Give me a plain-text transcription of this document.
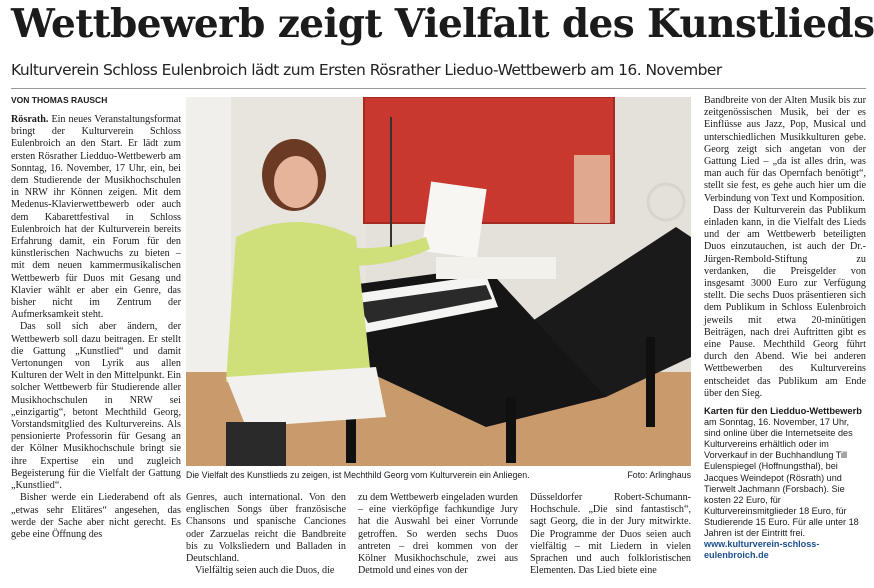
Wettbewerb zeigt Vielfalt des Kunstlieds
Kulturverein Schloss Eulenbroich lädt zum Ersten Rösrather Lieduo-Wettbewerb am 16. November
VON THOMAS RAUSCH

Rösrath. Ein neues Veranstaltungsformat bringt der Kulturverein Schloss Eulenbroich an den Start. Er lädt zum ersten Rösrather Liedduo-Wettbewerb am Sonntag, 16. November, 17 Uhr, ein, bei dem Studierende der Musikhochschulen in NRW ihr Können zeigen. Mit dem Medenus-Klavierwettbewerb oder auch dem Kabarettfestival in Schloss Eulenbroich hat der Kulturverein bereits Erfahrung damit, ein Forum für den künstlerischen Nachwuchs zu bieten – mit dem neuen kammermusikalischen Wettbewerb für Duos mit Gesang und Klavier wählt er aber ein Genre, das bisher nicht im Zentrum der Aufmerksamkeit steht.

Das soll sich aber ändern, der Wettbewerb soll dazu beitragen. Er stellt die Gattung „Kunstlied“ und damit Vertonungen von Lyrik aus allen Kulturen der Welt in den Mittelpunkt. Ein solcher Wettbewerb für Studierende aller Musikhochschulen in NRW sei „einzigartig“, betont Mechthild Georg, Vorstandsmitglied des Kulturvereins. Als pensionierte Professorin für Gesang an der Kölner Musikhochschule bringt sie ihre Expertise ein und zugleich Begeisterung für die Vielfalt der Gattung „Kunstlied“.

Bisher werde ein Liederabend oft als „etwas sehr Elitäres“ angesehen, das werde der Sache aber nicht gerecht. Es gebe eine Öffnung des

Die Vielfalt des Kunstlieds zu zeigen, ist Mechthild Georg vom Kulturverein ein Anliegen.	Foto: Arlinghaus

Genres, auch international. Von den englischen Songs über französische Chansons und spanische Canciones oder Zarzuelas reicht die Bandbreite bis zu Volksliedern und Balladen in Deutschland.

Vielfältig seien auch die Duos, die

zu dem Wettbewerb eingeladen wurden – eine vierköpfige fachkundige Jury hat die Auswahl bei einer Vorrunde getroffen. So werden sechs Duos antreten – drei kommen von der Kölner Musikhochschule, zwei aus Detmold und eines von der

Düsseldorfer Robert-Schumann-Hochschule. „Die sind fantastisch“, sagt Georg, die in der Jury mitwirkte. Die Programme der Duos seien auch vielfältig – mit Liedern in vielen Sprachen und auch folkloristischen Elementen. Das Lied biete eine

Bandbreite von der Alten Musik bis zur zeitgenössischen Musik, bei der es Einflüsse aus Jazz, Pop, Musical und unterschiedlichen Musikkulturen gebe. Georg zeigt sich angetan von der Gattung Lied – „da ist alles drin, was man auch für das Opernfach benötigt“, stellt sie fest, es gehe auch hier um die Verbindung von Text und Komposition.

Dass der Kulturverein das Publikum einladen kann, in die Vielfalt des Lieds und der am Wettbewerb beteiligten Duos einzutauchen, ist auch der Dr.-Jürgen-Rembold-Stiftung zu verdanken, die Preisgelder von insgesamt 3000 Euro zur Verfügung stellt. Die sechs Duos präsentieren sich dem Publikum in Schloss Eulenbroich jeweils mit etwa 20-minütigen Beiträgen, nach drei Auftritten gibt es eine Pause. Mechthild Georg führt durch den Abend. Wie bei anderen Wettbewerben des Kulturvereins entscheidet das Publikum am Ende über den Sieg.

Karten für den Liedduo-Wettbewerb

am Sonntag, 16. November, 17 Uhr, sind online über die Internetseite des Kulturvereins erhältlich oder im Vorverkauf in der Buchhandlung Till Eulenspiegel (Hoffnungsthal), bei Jacques Weindepot (Rösrath) und Tierwelt Jachmann (Forsbach). Sie kosten 22 Euro, für Kulturvereinsmitglieder 18 Euro, für Studierende 15 Euro. Für alle unter 18 Jahren ist der Eintritt frei.

www.kulturverein-schloss-eulenbroich.de
